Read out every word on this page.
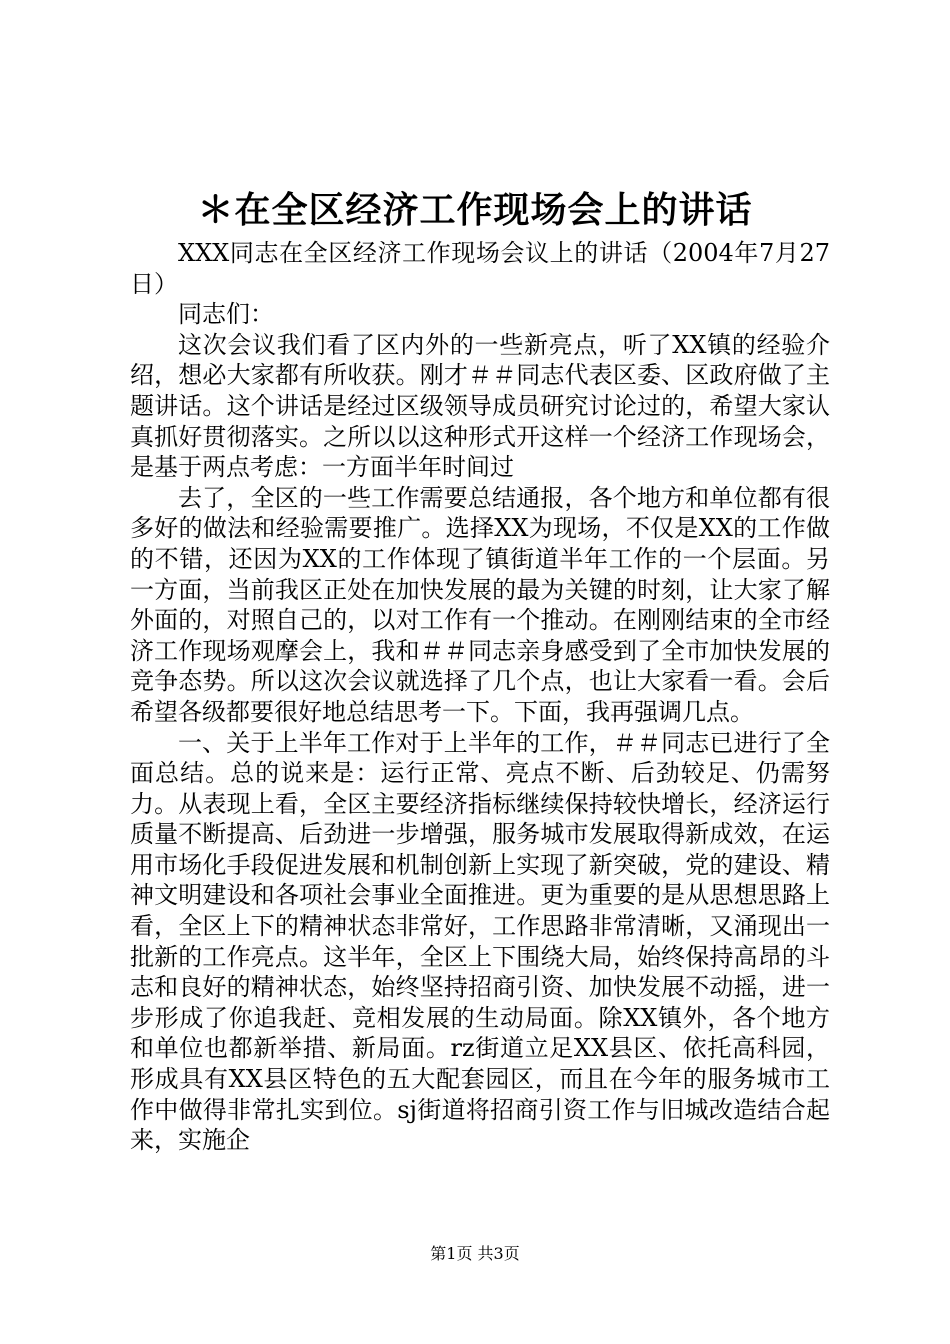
＊在全区经济工作现场会上的讲话

XXX同志在全区经济工作现场会议上的讲话（2004年7月27日）

同志们：

这次会议我们看了区内外的一些新亮点，听了XX镇的经验介绍，想必大家都有所收获。刚才＃＃同志代表区委、区政府做了主题讲话。这个讲话是经过区级领导成员研究讨论过的，希望大家认真抓好贯彻落实。之所以以这种形式开这样一个经济工作现场会，是基于两点考虑：一方面半年时间过

去了，全区的一些工作需要总结通报，各个地方和单位都有很多好的做法和经验需要推广。选择XX为现场，不仅是XX的工作做的不错，还因为XX的工作体现了镇街道半年工作的一个层面。另一方面，当前我区正处在加快发展的最为关键的时刻，让大家了解外面的，对照自己的，以对工作有一个推动。在刚刚结束的全市经济工作现场观摩会上，我和＃＃同志亲身感受到了全市加快发展的竞争态势。所以这次会议就选择了几个点，也让大家看一看。会后希望各级都要很好地总结思考一下。下面，我再强调几点。

一、关于上半年工作对于上半年的工作，＃＃同志已进行了全面总结。总的说来是：运行正常、亮点不断、后劲较足、仍需努力。从表现上看，全区主要经济指标继续保持较快增长，经济运行质量不断提高、后劲进一步增强，服务城市发展取得新成效，在运用市场化手段促进发展和机制创新上实现了新突破，党的建设、精神文明建设和各项社会事业全面推进。更为重要的是从思想思路上看，全区上下的精神状态非常好，工作思路非常清晰，又涌现出一批新的工作亮点。这半年，全区上下围绕大局，始终保持高昂的斗志和良好的精神状态，始终坚持招商引资、加快发展不动摇，进一步形成了你追我赶、竞相发展的生动局面。除XX镇外，各个地方和单位也都新举措、新局面。rz街道立足XX县区、依托高科园，形成具有XX县区特色的五大配套园区，而且在今年的服务城市工作中做得非常扎实到位。sj街道将招商引资工作与旧城改造结合起来，实施企

第1页 共3页
